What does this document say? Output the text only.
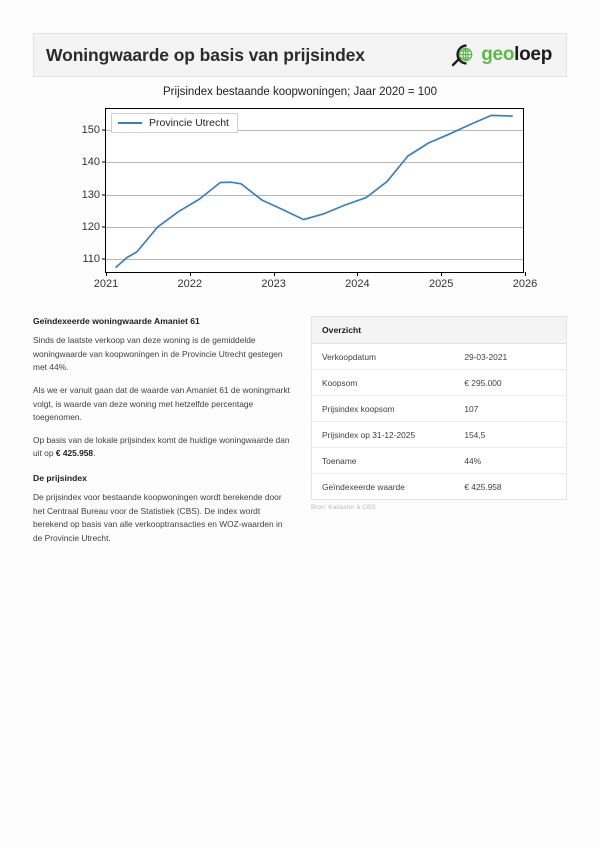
Woningwaarde op basis van prijsindex	geoloep
Prijsindex bestaande koopwoningen; Jaar 2020 = 100
110
120
130
140
150
2021	2022	2023	2024	2025	2026
Provincie Utrecht
Geïndexeerde woningwaarde Amaniet 61

Sinds de laatste verkoop van deze woning is de gemiddelde woningwaarde van koopwoningen in de Provincie Utrecht gestegen met 44%.

Als we er vanuit gaan dat de waarde van Amaniet 61 de woningmarkt volgt, is waarde van deze woning met hetzelfde percentage toegenomen.

Op basis van de lokale prijsindex komt de huidige woningwaarde dan uit op € 425.958.

De prijsindex

De prijsindex voor bestaande koopwoningen wordt berekende door het Centraal Bureau voor de Statistiek (CBS). De index wordt berekend op basis van alle verkooptransacties en WOZ-waarden in de Provincie Utrecht.

Overzicht	
Verkoopdatum	29-03-2021
Koopsom	€ 295.000
Prijsindex koopsom	107
Prijsindex op 31-12-2025	154,5
Toename	44%
Geïndexeerde waarde	€ 425.958
Bron: Kadaster & CBS
